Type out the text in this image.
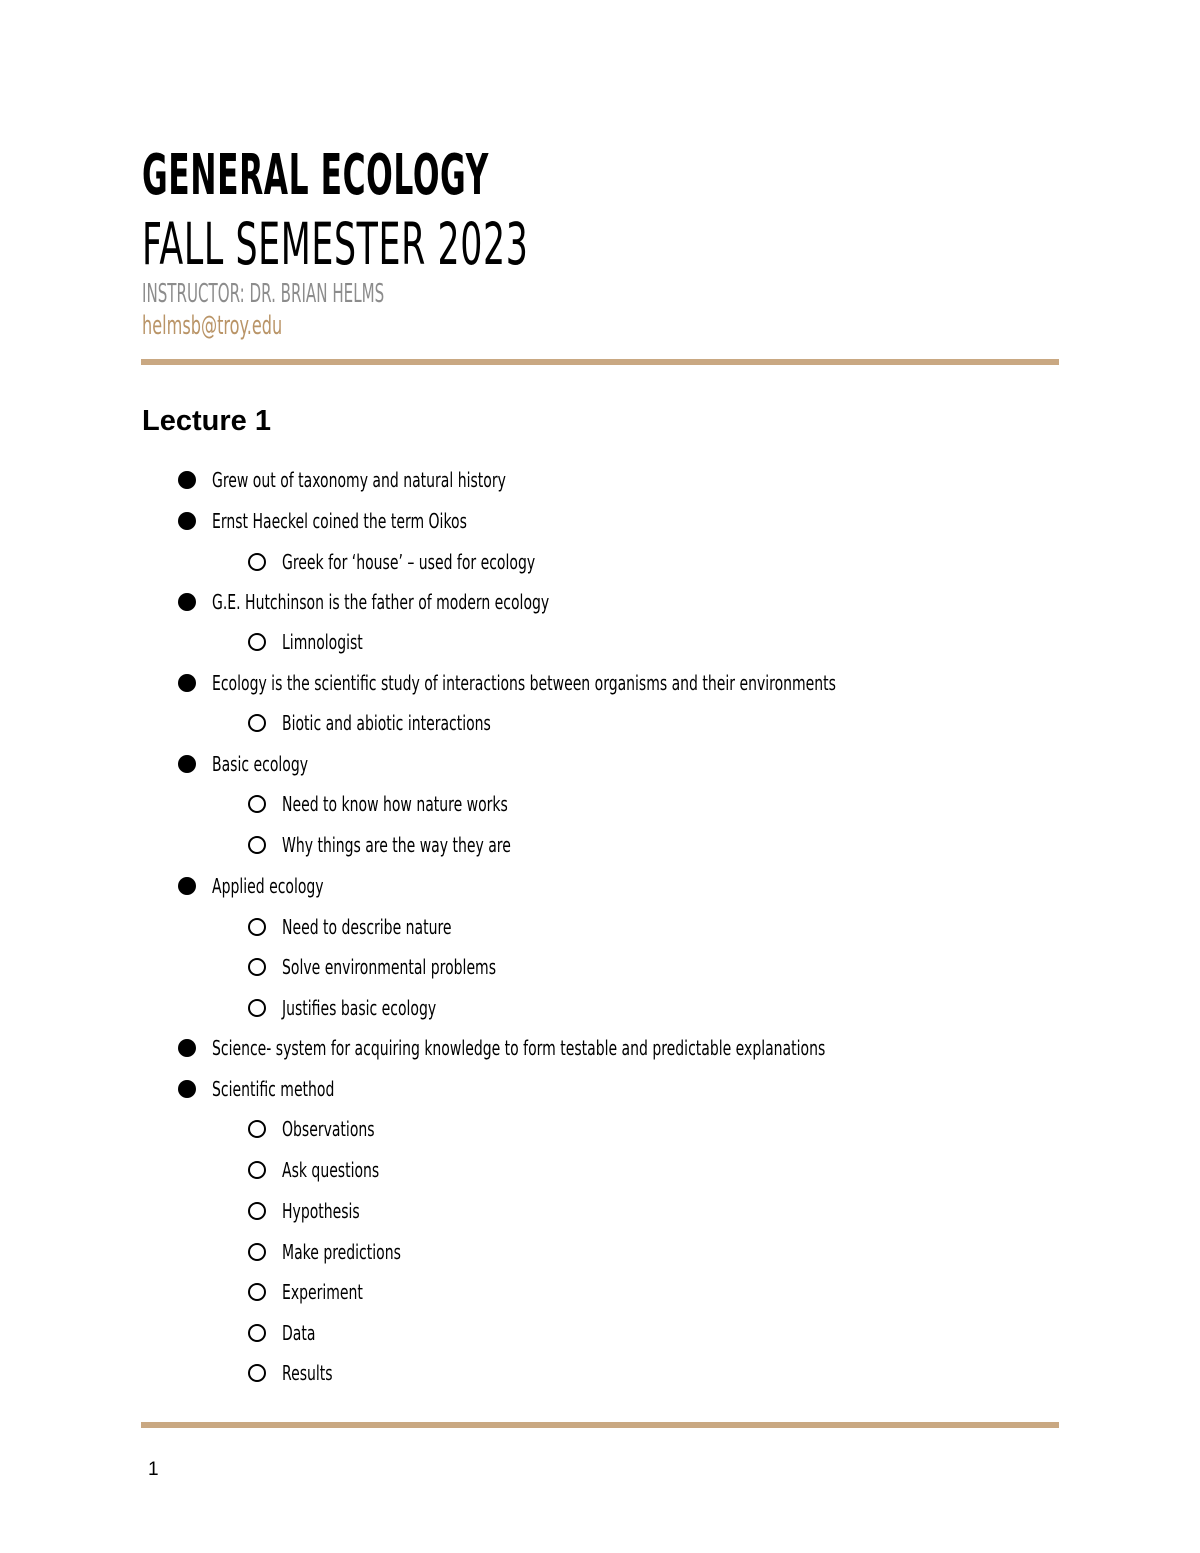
GENERAL ECOLOGY
FALL SEMESTER 2023
INSTRUCTOR: DR. BRIAN HELMS
helmsb@troy.edu
Lecture 1
Grew out of taxonomy and natural history
Ernst Haeckel coined the term Oikos
Greek for ‘house’ – used for ecology
G.E. Hutchinson is the father of modern ecology
Limnologist
Ecology is the scientific study of interactions between organisms and their environments
Biotic and abiotic interactions
Basic ecology
Need to know how nature works
Why things are the way they are
Applied ecology
Need to describe nature
Solve environmental problems
Justifies basic ecology
Science- system for acquiring knowledge to form testable and predictable explanations
Scientific method
Observations
Ask questions
Hypothesis
Make predictions
Experiment
Data
Results
1
